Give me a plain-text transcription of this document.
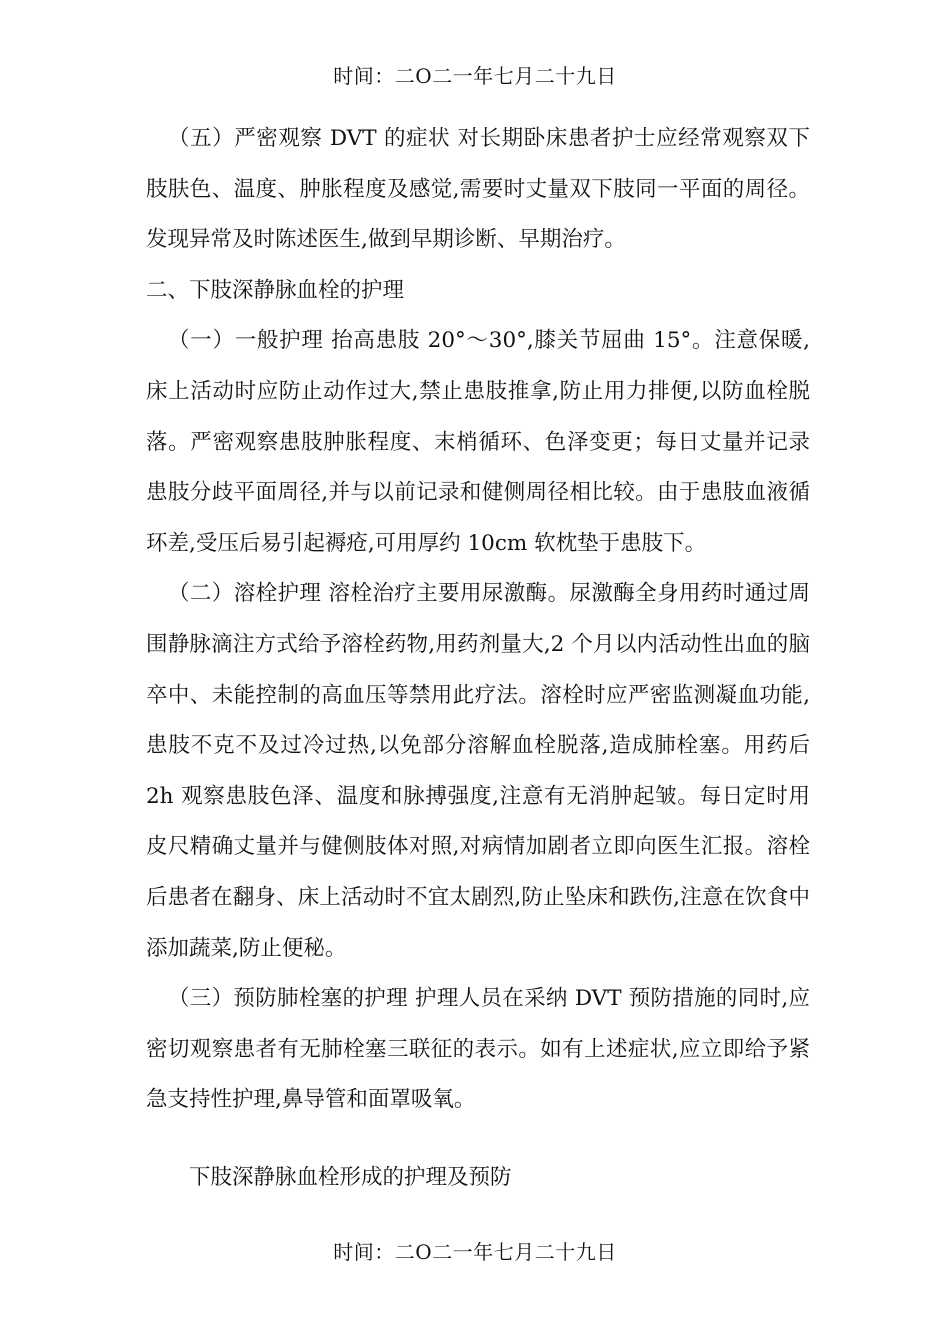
时间：二O二一年七月二十九日

（五）严密观察 DVT 的症状 对长期卧床患者护士应经常观察双下肢肤色、温度、肿胀程度及感觉,需要时丈量双下肢同一平面的周径。发现异常及时陈述医生,做到早期诊断、早期治疗。

二、下肢深静脉血栓的护理

（一）一般护理 抬高患肢 20°～30°,膝关节屈曲 15°。注意保暖,床上活动时应防止动作过大,禁止患肢推拿,防止用力排便,以防血栓脱落。严密观察患肢肿胀程度、末梢循环、色泽变更；每日丈量并记录患肢分歧平面周径,并与以前记录和健侧周径相比较。由于患肢血液循环差,受压后易引起褥疮,可用厚约 10cm 软枕垫于患肢下。

（二）溶栓护理 溶栓治疗主要用尿激酶。尿激酶全身用药时通过周围静脉滴注方式给予溶栓药物,用药剂量大,2 个月以内活动性出血的脑卒中、未能控制的高血压等禁用此疗法。溶栓时应严密监测凝血功能,患肢不克不及过冷过热,以免部分溶解血栓脱落,造成肺栓塞。用药后 2h 观察患肢色泽、温度和脉搏强度,注意有无消肿起皱。每日定时用皮尺精确丈量并与健侧肢体对照,对病情加剧者立即向医生汇报。溶栓后患者在翻身、床上活动时不宜太剧烈,防止坠床和跌伤,注意在饮食中添加蔬菜,防止便秘。

（三）预防肺栓塞的护理 护理人员在采纳 DVT 预防措施的同时,应密切观察患者有无肺栓塞三联征的表示。如有上述症状,应立即给予紧急支持性护理,鼻导管和面罩吸氧。

下肢深静脉血栓形成的护理及预防
时间：二O二一年七月二十九日
